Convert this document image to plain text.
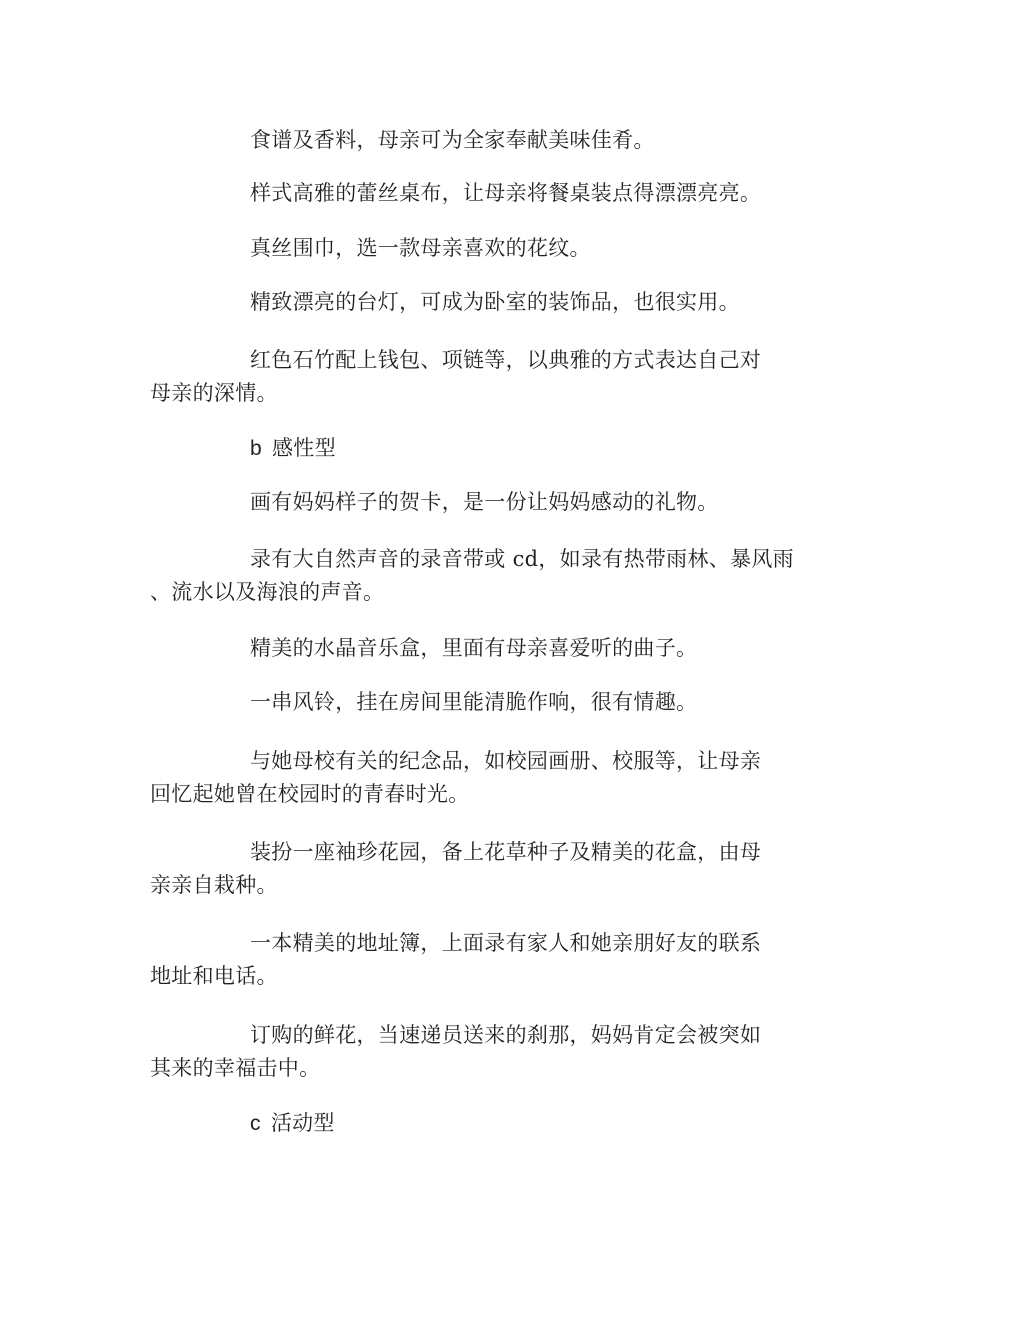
食谱及香料，母亲可为全家奉献美味佳肴。

样式高雅的蕾丝桌布，让母亲将餐桌装点得漂漂亮亮。

真丝围巾，选一款母亲喜欢的花纹。

精致漂亮的台灯，可成为卧室的装饰品，也很实用。

红色石竹配上钱包、项链等，以典雅的方式表达自己对
母亲的深情。

b 感性型

画有妈妈样子的贺卡，是一份让妈妈感动的礼物。

录有大自然声音的录音带或 cd，如录有热带雨林、暴风雨
、流水以及海浪的声音。

精美的水晶音乐盒，里面有母亲喜爱听的曲子。

一串风铃，挂在房间里能清脆作响，很有情趣。

与她母校有关的纪念品，如校园画册、校服等，让母亲
回忆起她曾在校园时的青春时光。

装扮一座袖珍花园，备上花草种子及精美的花盒，由母
亲亲自栽种。

一本精美的地址簿，上面录有家人和她亲朋好友的联系
地址和电话。

订购的鲜花，当速递员送来的刹那，妈妈肯定会被突如
其来的幸福击中。

c 活动型
